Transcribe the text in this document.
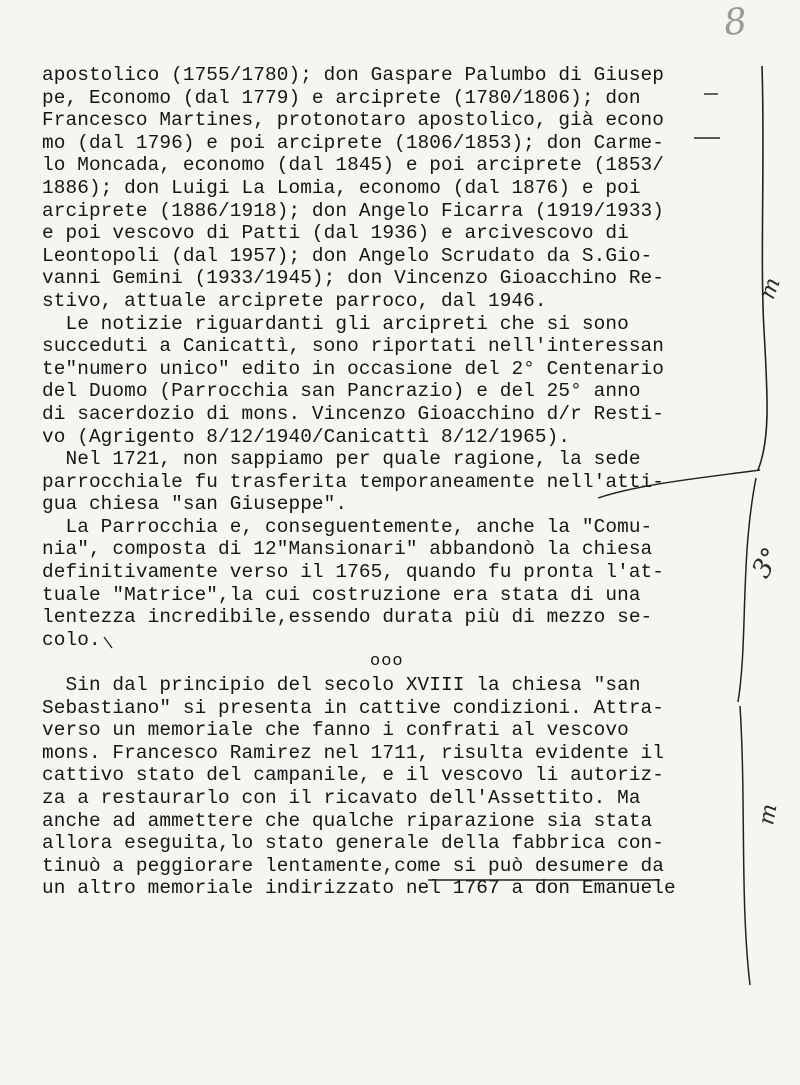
8
apostolico (1755/1780); don Gaspare Palumbo di Giusep
pe, Economo (dal 1779) e arciprete (1780/1806); don
Francesco Martines, protonotaro apostolico, già econo
mo (dal 1796) e poi arciprete (1806/1853); don Carme-
lo Moncada, economo (dal 1845) e poi arciprete (1853/
1886); don Luigi La Lomia, economo (dal 1876) e poi
arciprete (1886/1918); don Angelo Ficarra (1919/1933)
e poi vescovo di Patti (dal 1936) e arcivescovo di
Leontopoli (dal 1957); don Angelo Scrudato da S.Gio-
vanni Gemini (1933/1945); don Vincenzo Gioacchino Re-
stivo, attuale arciprete parroco, dal 1946.
Le notizie riguardanti gli arcipreti che si sono
succeduti a Canicattì, sono riportati nell'interessan
te"numero unico" edito in occasione del 2° Centenario
del Duomo (Parrocchia san Pancrazio) e del 25° anno
di sacerdozio di mons. Vincenzo Gioacchino d/r Resti-
vo (Agrigento 8/12/1940/Canicattì 8/12/1965).
Nel 1721, non sappiamo per quale ragione, la sede
parrocchiale fu trasferita temporaneamente nell'atti-
gua chiesa "san Giuseppe".
La Parrocchia e, conseguentemente, anche la "Comu-
nia", composta di 12"Mansionari" abbandonò la chiesa
definitivamente verso il 1765, quando fu pronta l'at-
tuale "Matrice",la cui costruzione era stata di una
lentezza incredibile,essendo durata più di mezzo se-
colo.
ooo
Sin dal principio del secolo XVIII la chiesa "san
Sebastiano" si presenta in cattive condizioni. Attra-
verso un memoriale che fanno i confrati al vescovo
mons. Francesco Ramirez nel 1711, risulta evidente il
cattivo stato del campanile, e il vescovo li autoriz-
za a restaurarlo con il ricavato dell'Assettito. Ma
anche ad ammettere che qualche riparazione sia stata
allora eseguita,lo stato generale della fabbrica con-
tinuò a peggiorare lentamente,come si può desumere da
un altro memoriale indirizzato nel 1767 a don Emanuele
m
3°
m
